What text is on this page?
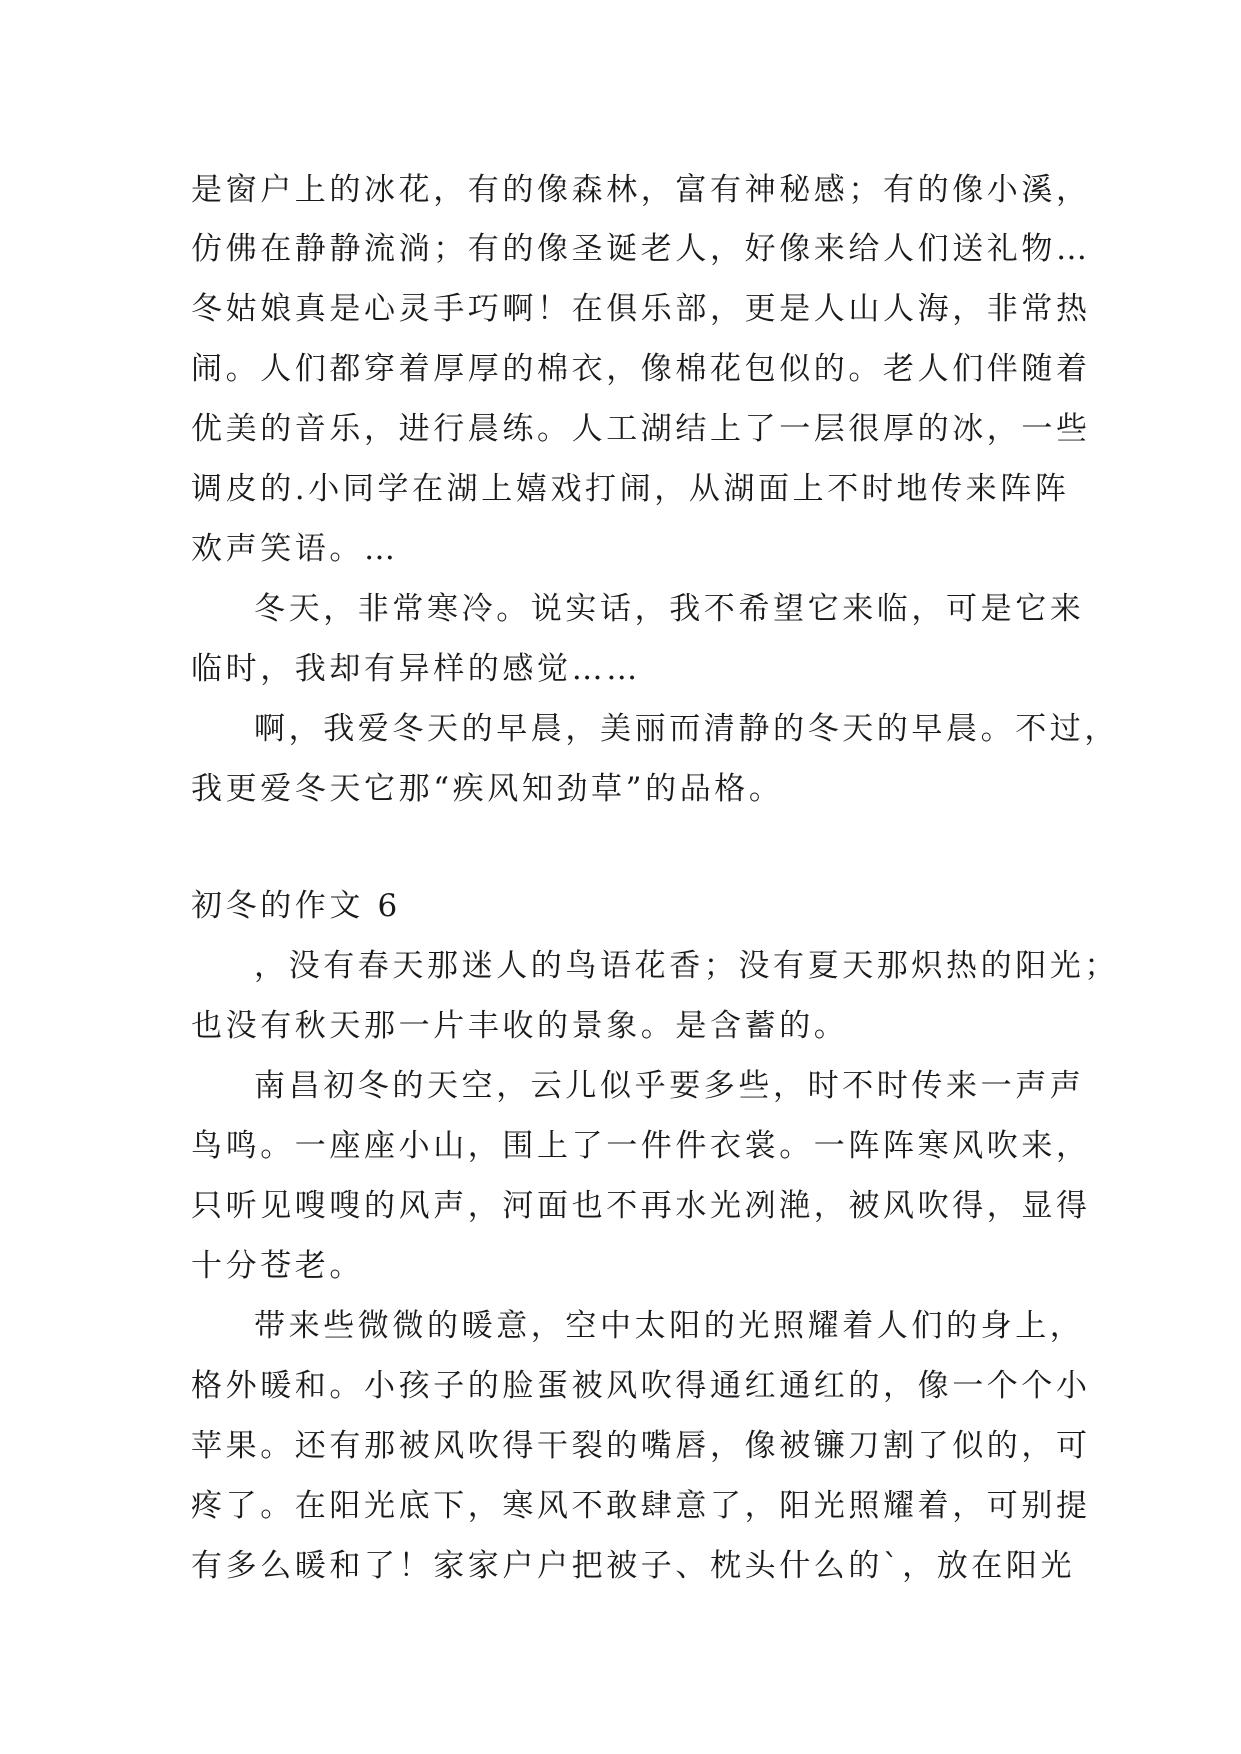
是窗户上的冰花，有的像森林，富有神秘感；有的像小溪，
仿佛在静静流淌；有的像圣诞老人，好像来给人们送礼物…
冬姑娘真是心灵手巧啊！在俱乐部，更是人山人海，非常热
闹。人们都穿着厚厚的棉衣，像棉花包似的。老人们伴随着
优美的音乐，进行晨练。人工湖结上了一层很厚的冰，一些
调皮的.小同学在湖上嬉戏打闹，从湖面上不时地传来阵阵
欢声笑语。…
冬天，非常寒冷。说实话，我不希望它来临，可是它来
临时，我却有异样的感觉……
啊，我爱冬天的早晨，美丽而清静的冬天的早晨。不过，
我更爱冬天它那“疾风知劲草”的品格。
初冬的作文 6
，没有春天那迷人的鸟语花香；没有夏天那炽热的阳光；
也没有秋天那一片丰收的景象。是含蓄的。
南昌初冬的天空，云儿似乎要多些，时不时传来一声声
鸟鸣。一座座小山，围上了一件件衣裳。一阵阵寒风吹来，
只听见嗖嗖的风声，河面也不再水光冽滟，被风吹得，显得
十分苍老。
带来些微微的暖意，空中太阳的光照耀着人们的身上，
格外暖和。小孩子的脸蛋被风吹得通红通红的，像一个个小
苹果。还有那被风吹得干裂的嘴唇，像被镰刀割了似的，可
疼了。在阳光底下，寒风不敢肆意了，阳光照耀着，可别提
有多么暖和了！家家户户把被子、枕头什么的`，放在阳光
